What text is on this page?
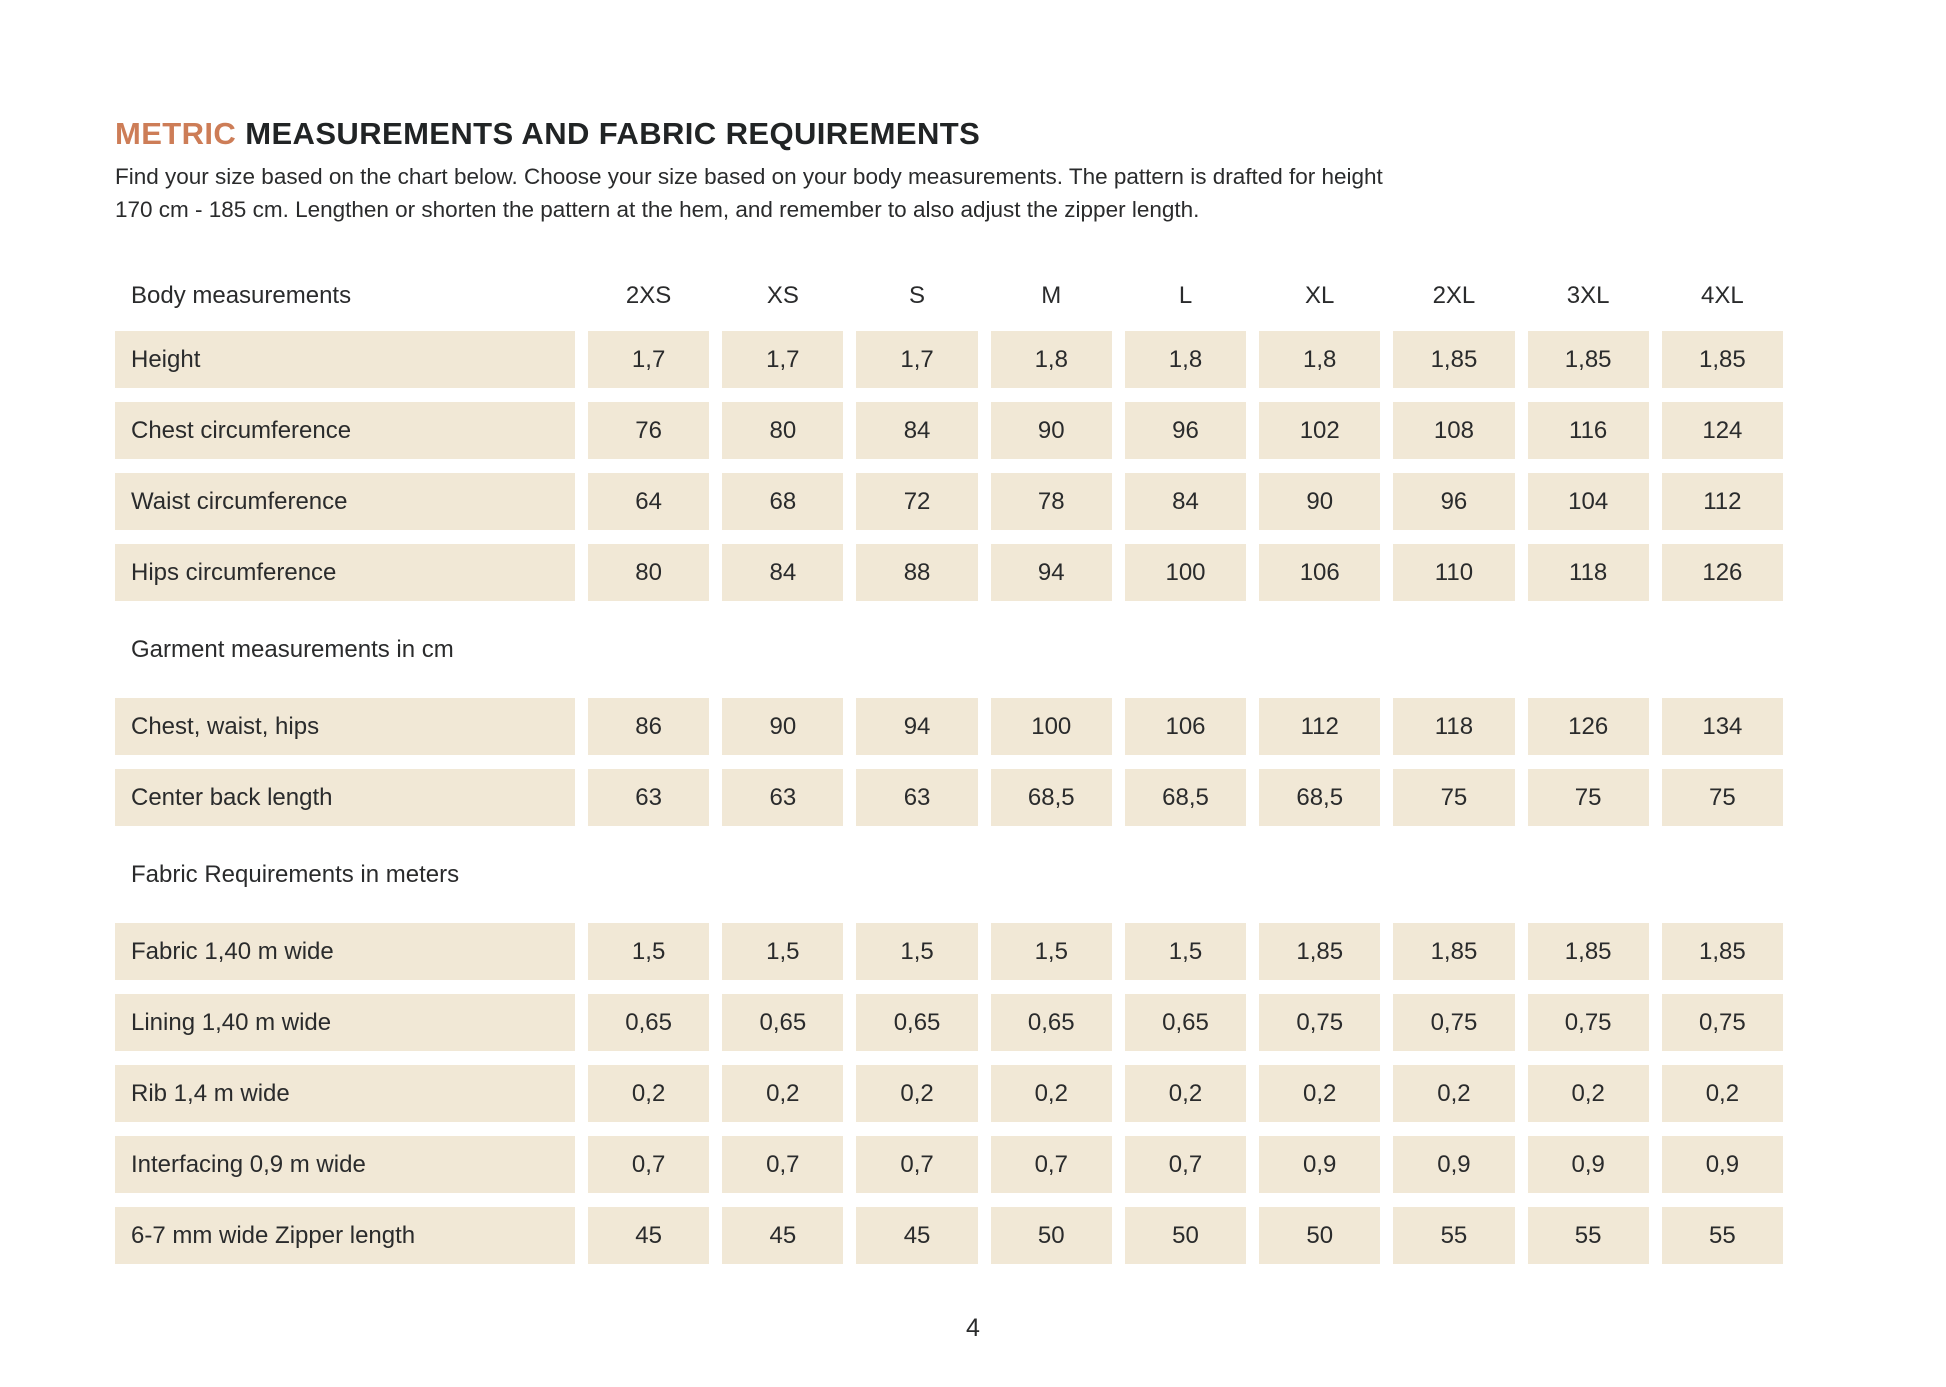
METRIC MEASUREMENTS AND FABRIC REQUIREMENTS
Find your size based on the chart below. Choose your size based on your body measurements. The pattern is drafted for height
170 cm - 185 cm. Lengthen or shorten the pattern at the hem, and remember to also adjust the zipper length.
Body measurements	2XS	XS	S	M	L	XL	2XL	3XL	4XL
Height	1,7	1,7	1,7	1,8	1,8	1,8	1,85	1,85	1,85
Chest circumference	76	80	84	90	96	102	108	116	124
Waist circumference	64	68	72	78	84	90	96	104	112
Hips circumference	80	84	88	94	100	106	110	118	126
Garment measurements in cm
Chest, waist, hips	86	90	94	100	106	112	118	126	134
Center back length	63	63	63	68,5	68,5	68,5	75	75	75
Fabric Requirements in meters
Fabric 1,40 m wide	1,5	1,5	1,5	1,5	1,5	1,85	1,85	1,85	1,85
Lining 1,40 m wide	0,65	0,65	0,65	0,65	0,65	0,75	0,75	0,75	0,75
Rib 1,4 m wide	0,2	0,2	0,2	0,2	0,2	0,2	0,2	0,2	0,2
Interfacing 0,9 m wide	0,7	0,7	0,7	0,7	0,7	0,9	0,9	0,9	0,9
6-7 mm wide Zipper length	45	45	45	50	50	50	55	55	55
4
